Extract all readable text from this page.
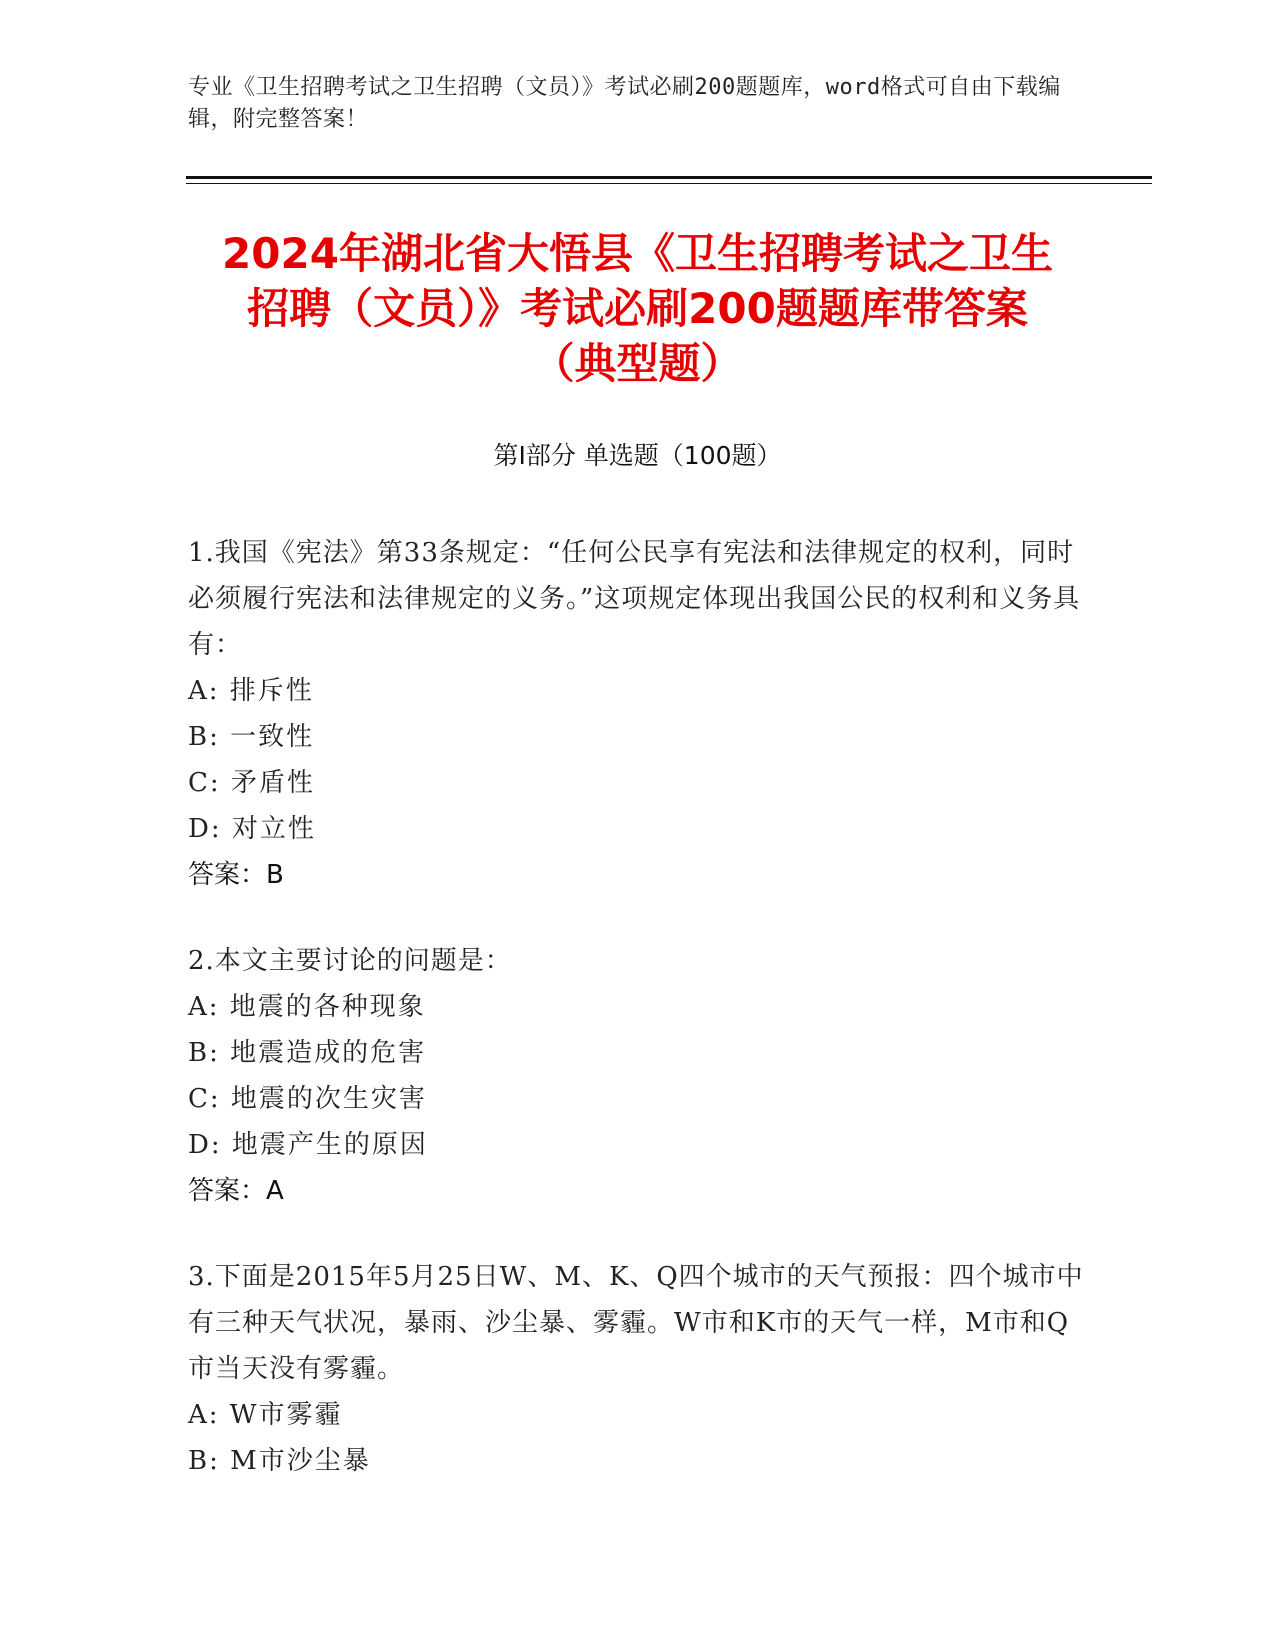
专业《卫生招聘考试之卫生招聘（文员）》考试必刷200题题库，word格式可自由下载编辑，附完整答案！
2024年湖北省大悟县《卫生招聘考试之卫生
招聘（文员）》考试必刷200题题库带答案
（典型题）
第Ⅰ部分 单选题（100题）
1.我国《宪法》第33条规定：“任何公民享有宪法和法律规定的权利，同时必须履行宪法和法律规定的义务。”这项规定体现出我国公民的权利和义务具有：
A: 排斥性
B: 一致性
C: 矛盾性
D: 对立性
答案：B
2.本文主要讨论的问题是：
A: 地震的各种现象
B: 地震造成的危害
C: 地震的次生灾害
D: 地震产生的原因
答案：A
3.下面是2015年5月25日W、M、K、Q四个城市的天气预报：四个城市中有三种天气状况，暴雨、沙尘暴、雾霾。W市和K市的天气一样，M市和Q市当天没有雾霾。
A: W市雾霾
B: M市沙尘暴
